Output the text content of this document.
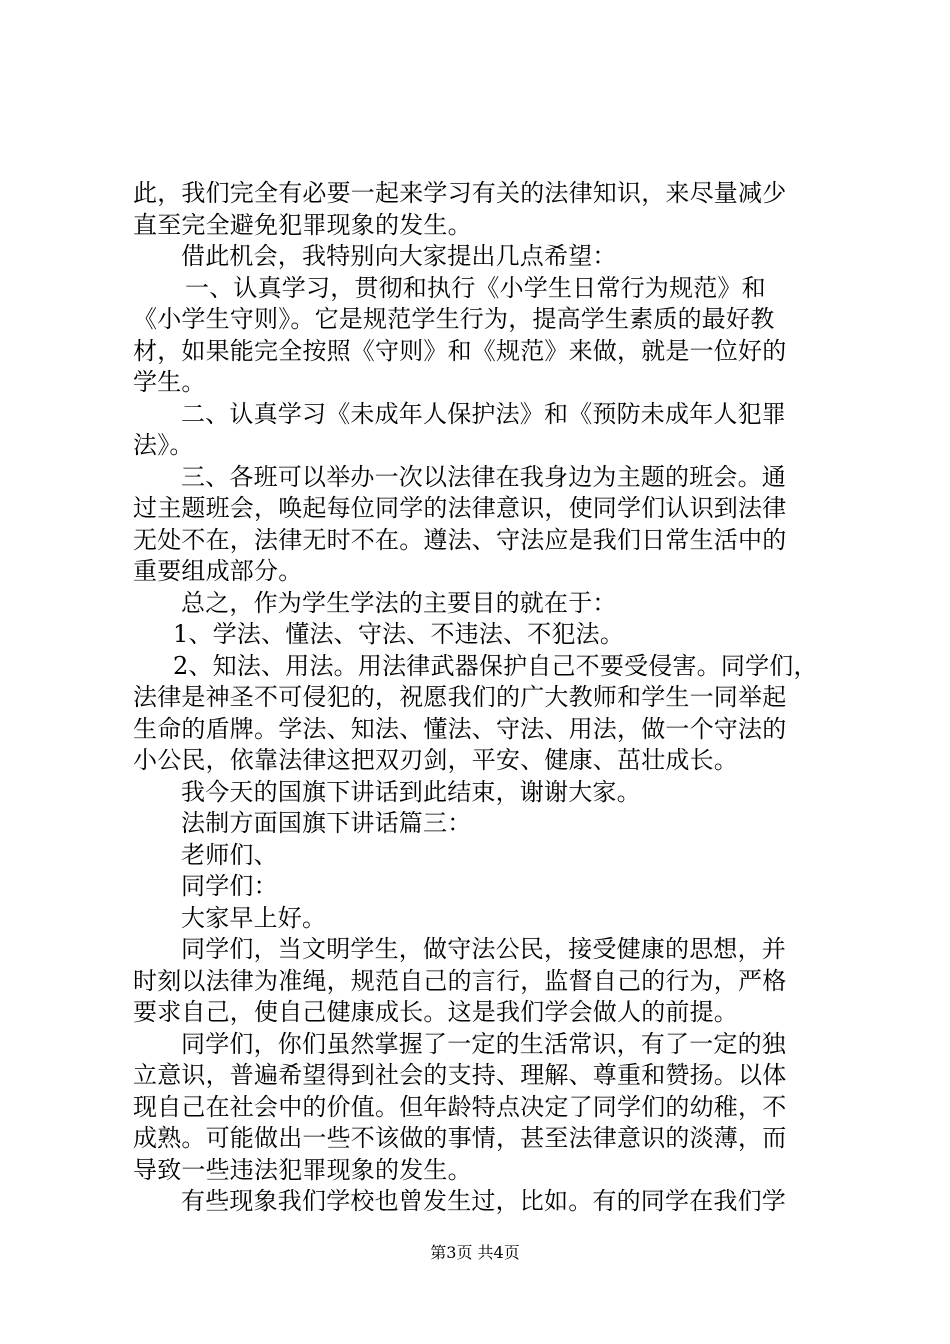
此，我们完全有必要一起来学习有关的法律知识，来尽量减少
直至完全避免犯罪现象的发生。
借此机会，我特别向大家提出几点希望：
一、认真学习，贯彻和执行《小学生日常行为规范》和
《小学生守则》。它是规范学生行为，提高学生素质的最好教
材，如果能完全按照《守则》和《规范》来做，就是一位好的
学生。
二、认真学习《未成年人保护法》和《预防未成年人犯罪
法》。
三、各班可以举办一次以法律在我身边为主题的班会。通
过主题班会，唤起每位同学的法律意识，使同学们认识到法律
无处不在，法律无时不在。遵法、守法应是我们日常生活中的
重要组成部分。
总之，作为学生学法的主要目的就在于：
1、学法、懂法、守法、不违法、不犯法。
2、知法、用法。用法律武器保护自己不要受侵害。同学们，
法律是神圣不可侵犯的，祝愿我们的广大教师和学生一同举起
生命的盾牌。学法、知法、懂法、守法、用法，做一个守法的
小公民，依靠法律这把双刃剑，平安、健康、茁壮成长。
我今天的国旗下讲话到此结束，谢谢大家。
法制方面国旗下讲话篇三：
老师们、
同学们：
大家早上好。
同学们，当文明学生，做守法公民，接受健康的思想，并
时刻以法律为准绳，规范自己的言行，监督自己的行为，严格
要求自己，使自己健康成长。这是我们学会做人的前提。
同学们，你们虽然掌握了一定的生活常识，有了一定的独
立意识，普遍希望得到社会的支持、理解、尊重和赞扬。以体
现自己在社会中的价值。但年龄特点决定了同学们的幼稚，不
成熟。可能做出一些不该做的事情，甚至法律意识的淡薄，而
导致一些违法犯罪现象的发生。
有些现象我们学校也曾发生过，比如。有的同学在我们学
第3页 共4页
